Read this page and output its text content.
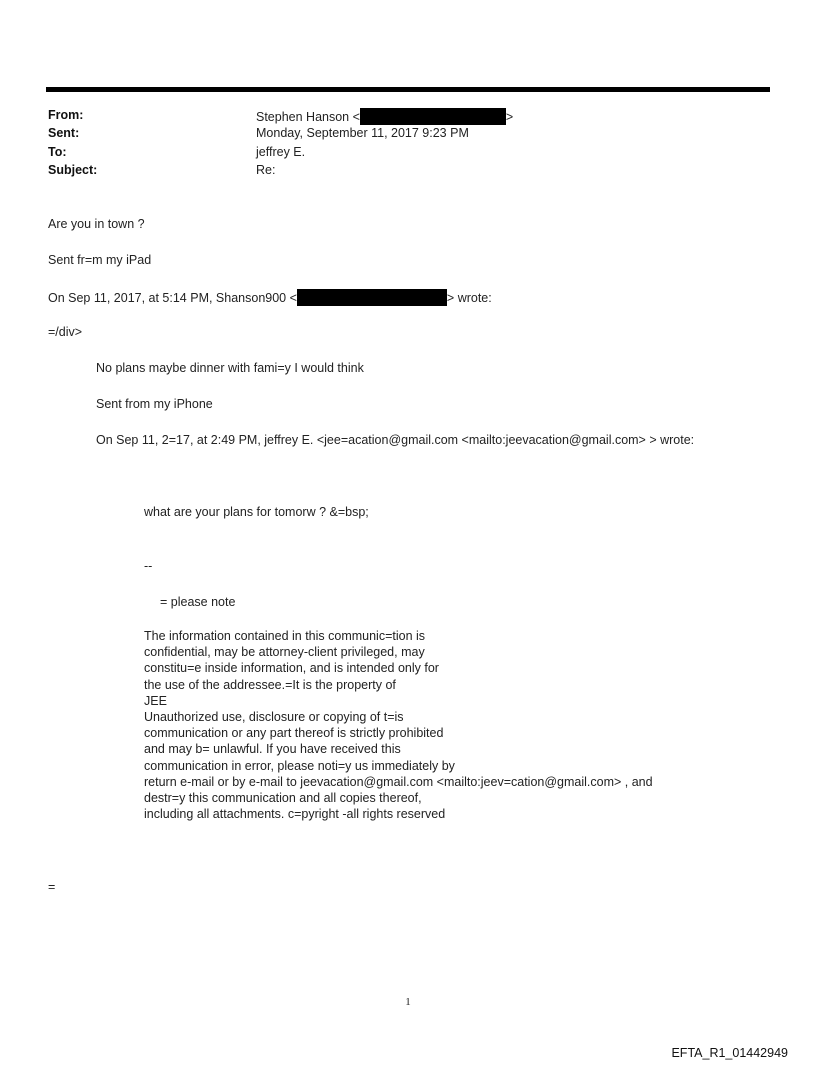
From:	Stephen Hanson <	>
Sent:	Monday, September 11, 2017 9:23 PM
To:	jeffrey E.
Subject:	Re:
Are you in town ?
Sent fr=m my iPad
On Sep 11, 2017, at 5:14 PM, Shanson900 <	> wrote:
=/div>
No plans maybe dinner with fami=y I would think
Sent from my iPhone
On Sep 11, 2=17, at 2:49 PM, jeffrey E. <jee=acation@gmail.com <mailto:jeevacation@gmail.com> > wrote:
what are your plans for tomorw ? &=bsp;
--
= please note
The information contained in this communic=tion is
confidential, may be attorney-client privileged, may
constitu=e inside information, and is intended only for
the use of the addressee.=It is the property of
JEE
Unauthorized use, disclosure or copying of t=is
communication or any part thereof is strictly prohibited
and may b= unlawful. If you have received this
communication in error, please noti=y us immediately by
return e-mail or by e-mail to jeevacation@gmail.com <mailto:jeev=cation@gmail.com> , and
destr=y this communication and all copies thereof,
including all attachments. c=pyright -all rights reserved
=
1
EFTA_R1_01442949
